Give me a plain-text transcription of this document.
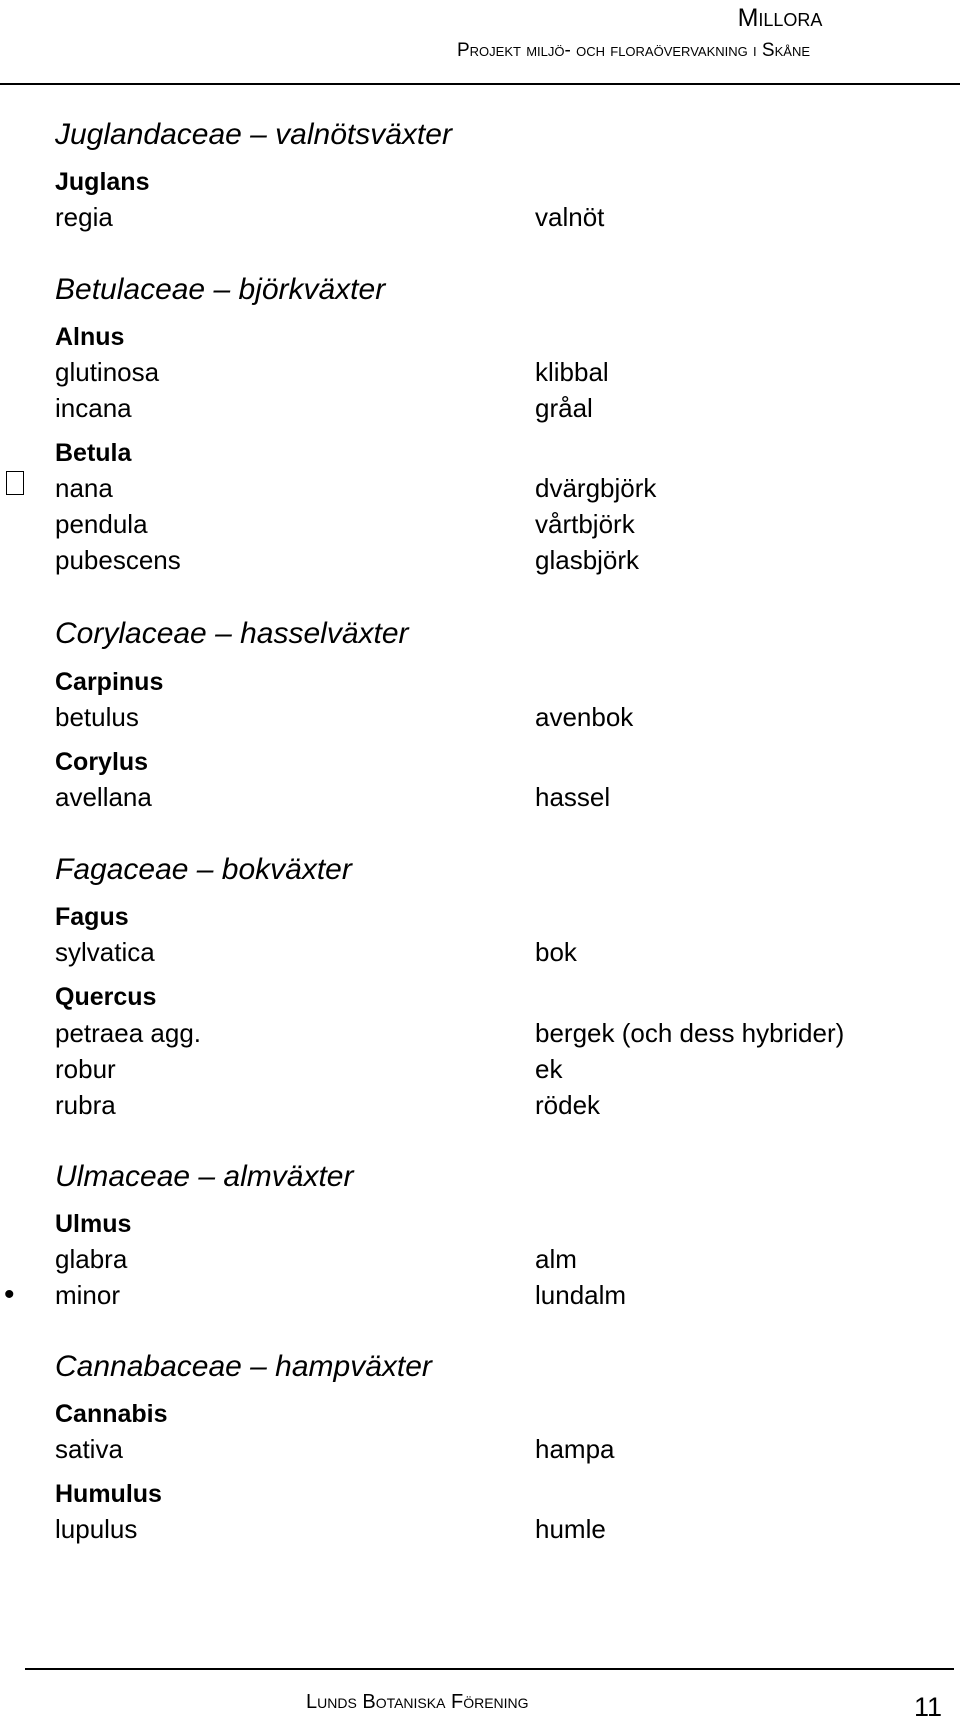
Millora
Projekt miljö- och floraövervakning i Skåne
Juglandaceae – valnötsväxter
Juglans
regia	valnöt
Betulaceae – björkväxter
Alnus
glutinosa	klibbal
incana	gråal
Betula
nana	dvärgbjörk
pendula	vårtbjörk
pubescens	glasbjörk
Corylaceae – hasselväxter
Carpinus
betulus	avenbok
Corylus
avellana	hassel
Fagaceae – bokväxter
Fagus
sylvatica	bok
Quercus
petraea agg.	bergek (och dess hybrider)
robur	ek
rubra	rödek
Ulmaceae – almväxter
Ulmus
glabra	alm
• minor	lundalm
Cannabaceae – hampväxter
Cannabis
sativa	hampa
Humulus
lupulus	humle
Lunds Botaniska Förening	11
